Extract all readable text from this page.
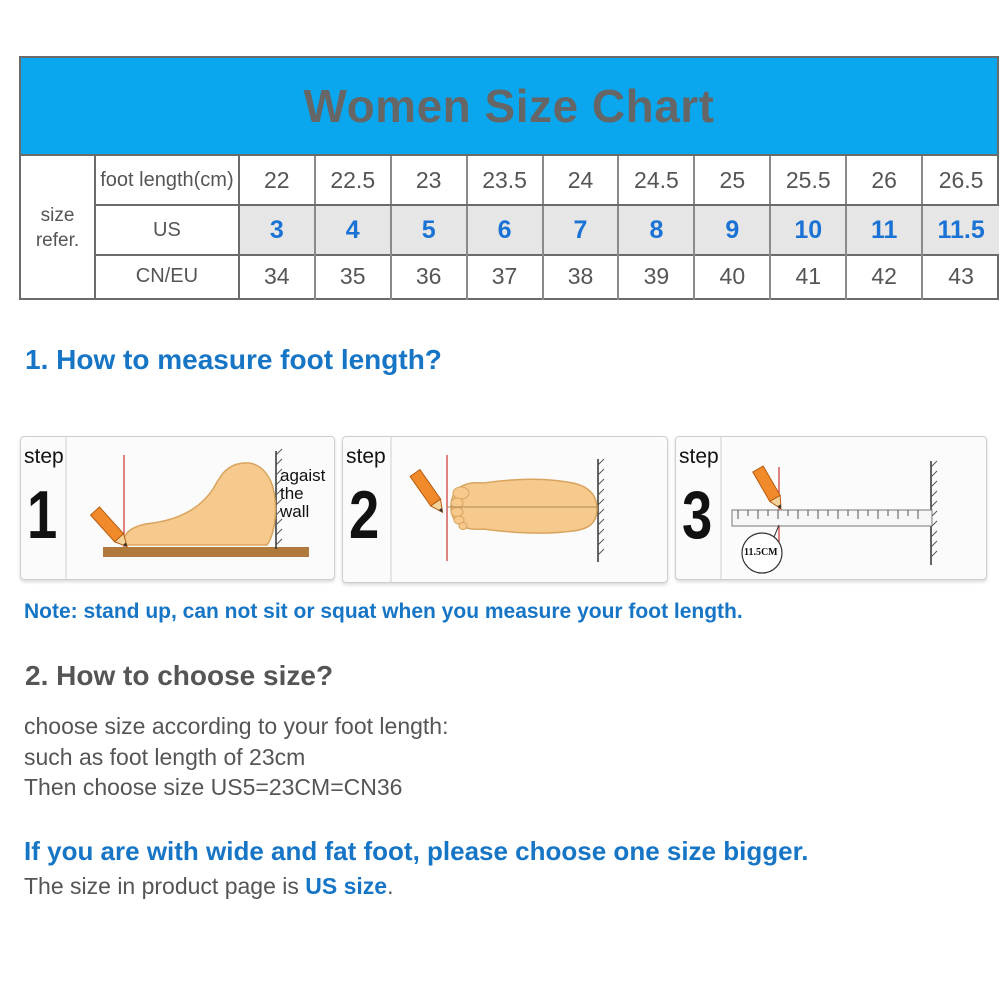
Women Size Chart
size
refer.
foot length(cm)	22	22.5	23	23.5	24	24.5	25	25.5	26	26.5
US	3	4	5	6	7	8	9	10	11	11.5
CN/EU	34	35	36	37	38	39	40	41	42	43
1. How to measure foot length?
step
1
agaist
the
wall
step
2
step
3	11.5CM
Note: stand up, can not sit or squat when you measure your foot length.
2. How to choose size?
choose size according to your foot length:
such as foot length of 23cm
Then choose size US5=23CM=CN36
If you are with wide and fat foot, please choose one size bigger.
The size in product page is US size.
